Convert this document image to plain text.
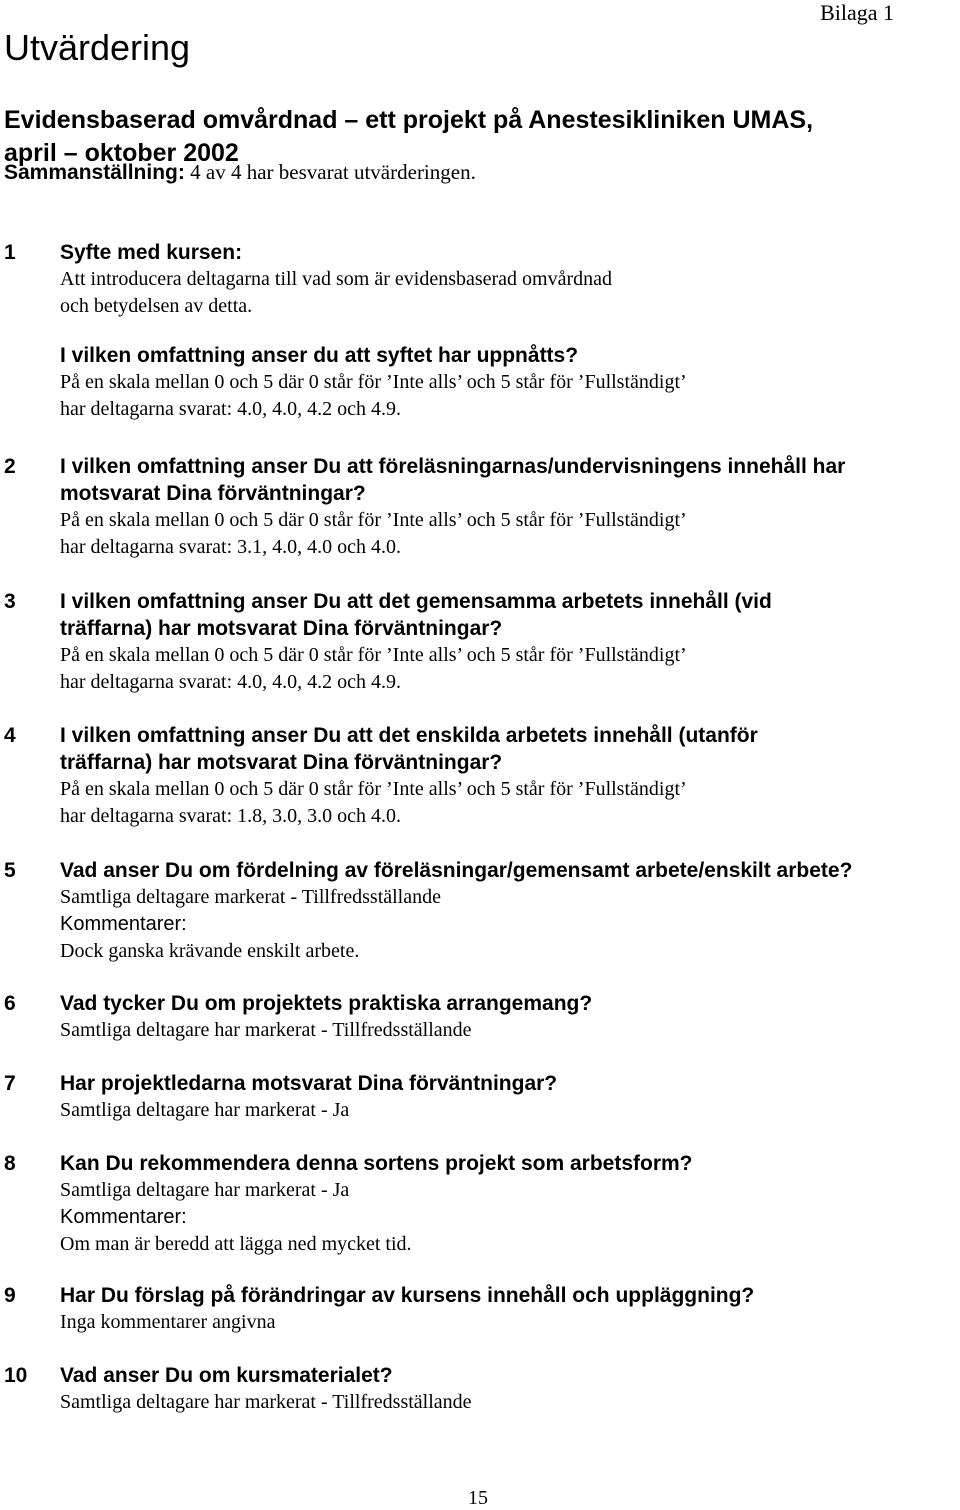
Bilaga 1
Utvärdering
Evidensbaserad omvårdnad – ett projekt på Anestesikliniken UMAS,
april – oktober 2002
Sammanställning: 4 av 4 har besvarat utvärderingen.
1 Syfte med kursen:
Att introducera deltagarna till vad som är evidensbaserad omvårdnad
och betydelsen av detta.
I vilken omfattning anser du att syftet har uppnåtts?
På en skala mellan 0 och 5 där 0 står för ’Inte alls’ och 5 står för ’Fullständigt’
har deltagarna svarat: 4.0, 4.0, 4.2 och 4.9.
2 I vilken omfattning anser Du att föreläsningarnas/undervisningens innehåll har
motsvarat Dina förväntningar?
På en skala mellan 0 och 5 där 0 står för ’Inte alls’ och 5 står för ’Fullständigt’
har deltagarna svarat: 3.1, 4.0, 4.0 och 4.0.
3 I vilken omfattning anser Du att det gemensamma arbetets innehåll (vid
träffarna) har motsvarat Dina förväntningar?
På en skala mellan 0 och 5 där 0 står för ’Inte alls’ och 5 står för ’Fullständigt’
har deltagarna svarat: 4.0, 4.0, 4.2 och 4.9.
4 I vilken omfattning anser Du att det enskilda arbetets innehåll (utanför
träffarna) har motsvarat Dina förväntningar?
På en skala mellan 0 och 5 där 0 står för ’Inte alls’ och 5 står för ’Fullständigt’
har deltagarna svarat: 1.8, 3.0, 3.0 och 4.0.
5 Vad anser Du om fördelning av föreläsningar/gemensamt arbete/enskilt arbete?
Samtliga deltagare markerat - Tillfredsställande
Kommentarer:
Dock ganska krävande enskilt arbete.
6 Vad tycker Du om projektets praktiska arrangemang?
Samtliga deltagare har markerat - Tillfredsställande
7 Har projektledarna motsvarat Dina förväntningar?
Samtliga deltagare har markerat - Ja
8 Kan Du rekommendera denna sortens projekt som arbetsform?
Samtliga deltagare har markerat - Ja
Kommentarer:
Om man är beredd att lägga ned mycket tid.
9 Har Du förslag på förändringar av kursens innehåll och uppläggning?
Inga kommentarer angivna
10 Vad anser Du om kursmaterialet?
Samtliga deltagare har markerat - Tillfredsställande
15
